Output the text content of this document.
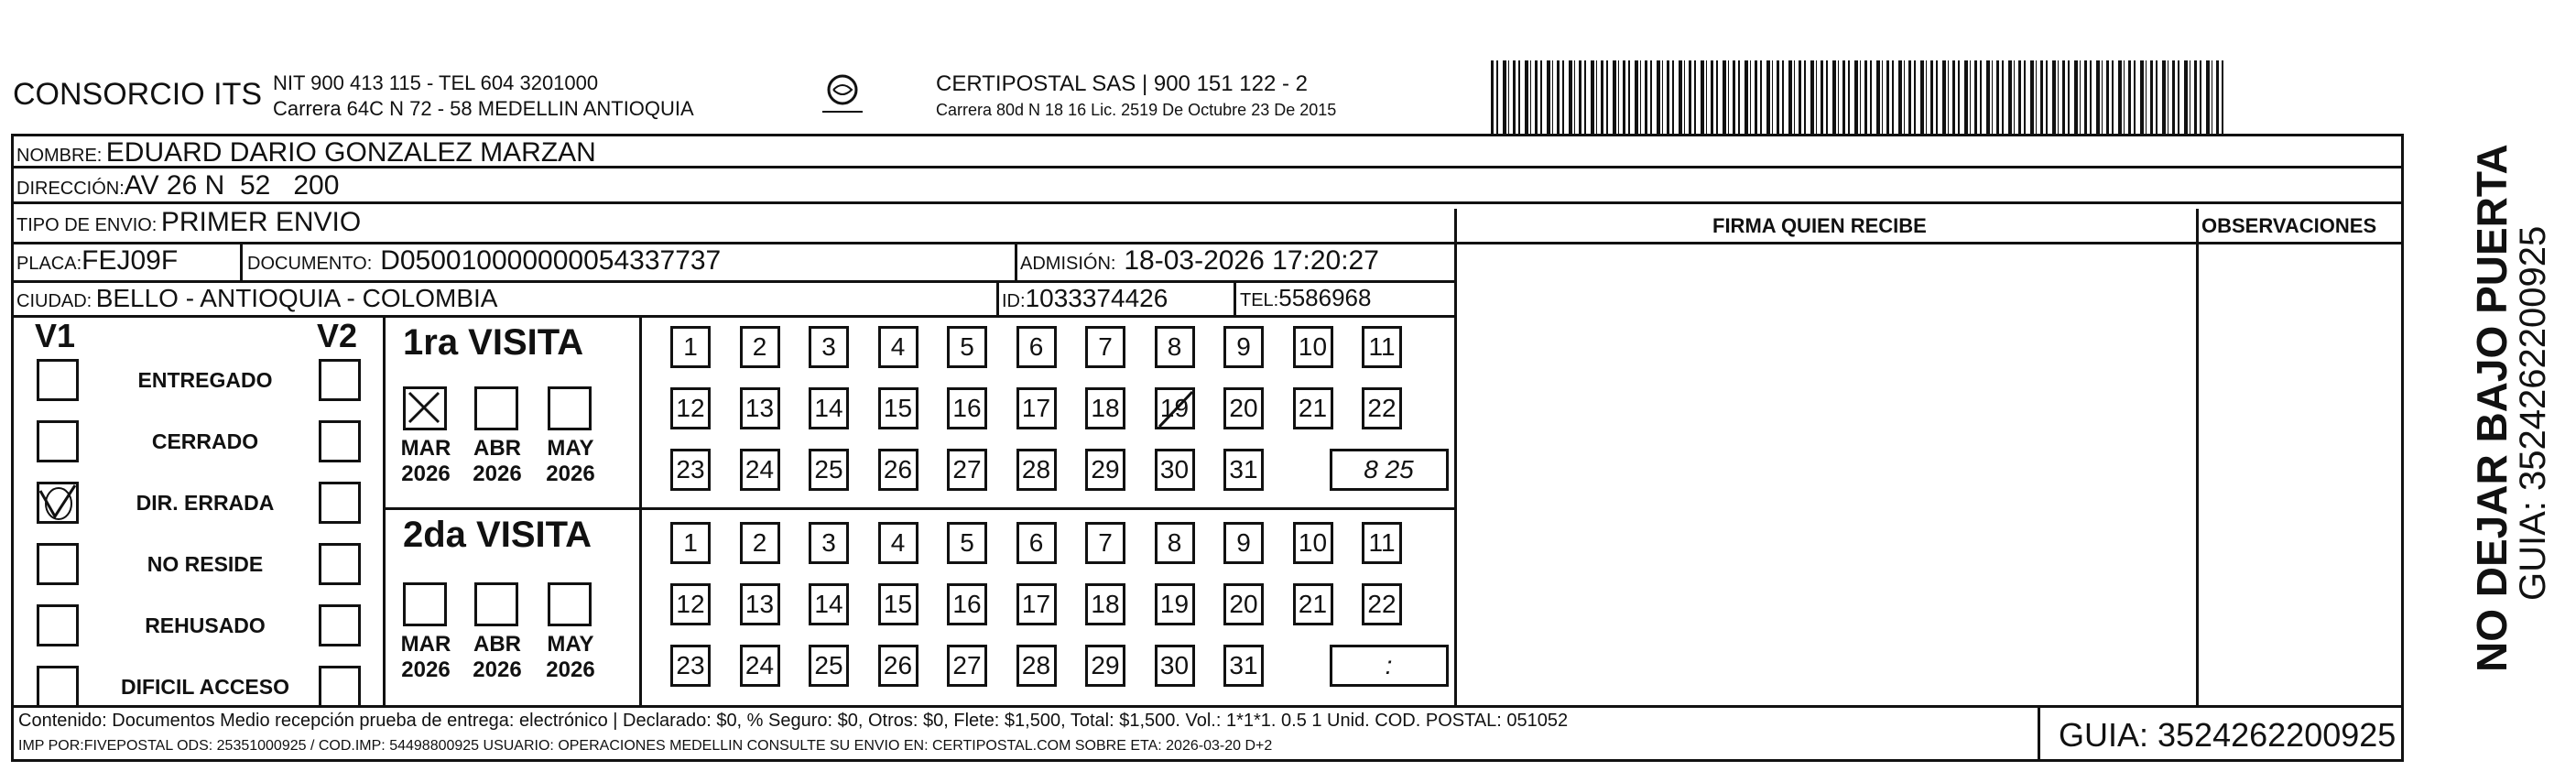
CONSORCIO ITS NIT 900 413 115 - TEL 604 3201000
Carrera 64C N 72 - 58 MEDELLIN ANTIOQUIA
CERTIPOSTAL SAS | 900 151 122 - 2
Carrera 80d N 18 16 Lic. 2519 De Octubre 23 De 2015
NOMBRE: EDUARD DARIO GONZALEZ MARZAN
DIRECCIÓN:AV 26 N  52   200
TIPO DE ENVIO: PRIMER ENVIO
PLACA:FEJ09F	DOCUMENTO: D050010000000054337737	ADMISIÓN: 18-03-2026 17:20:27
CIUDAD: BELLO - ANTIOQUIA - COLOMBIA	ID:1033374426	TEL:5586968
FIRMA QUIEN RECIBE	OBSERVACIONES NO DEJAR BAJO PUERTA
GUIA: 3524262200925
V1	V2
ENTREGADO
CERRADO
DIR. ERRADA
NO RESIDE
REHUSADO
DIFICIL ACCESO
1ra VISITA
MAR
2026
ABR
2026
MAY
2026
1	2	3	4	5	6	7	8	9	10 11
12 13 14 15 16 17 18 19 20 21 22
23 24 25 26 27 28 29 30 31	8 25
2da VISITA
MAR
2026
ABR
2026
MAY
2026
1	2	3	4	5	6	7	8	9	10 11
12 13 14 15 16 17 18 19 20 21 22
23 24 25 26 27 28 29 30 31	:
Contenido: Documentos Medio recepción prueba de entrega: electrónico | Declarado: $0, % Seguro: $0, Otros: $0, Flete: $1,500, Total: $1,500. Vol.: 1*1*1. 0.5 1 Unid. COD. POSTAL: 051052
IMP POR:FIVEPOSTAL ODS: 25351000925 / COD.IMP: 54498800925 USUARIO: OPERACIONES MEDELLIN CONSULTE SU ENVIO EN: CERTIPOSTAL.COM SOBRE ETA: 2026-03-20 D+2	GUIA: 3524262200925
